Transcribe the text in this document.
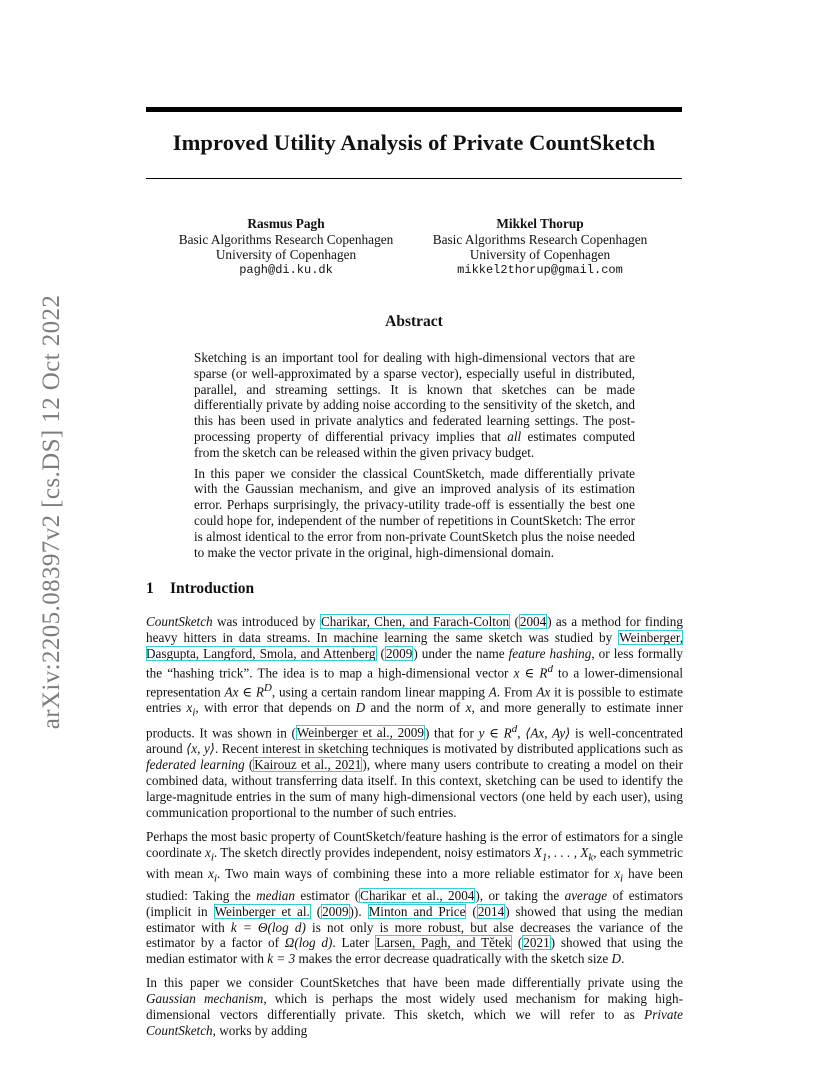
Improved Utility Analysis of Private CountSketch
Rasmus Pagh
Basic Algorithms Research Copenhagen
University of Copenhagen
pagh@di.ku.dk
Mikkel Thorup
Basic Algorithms Research Copenhagen
University of Copenhagen
mikkel2thorup@gmail.com
arXiv:2205.08397v2 [cs.DS] 12 Oct 2022	Abstract

Sketching is an important tool for dealing with high-dimensional vectors that are sparse (or well-approximated by a sparse vector), especially useful in distributed, parallel, and streaming settings. It is known that sketches can be made differentially private by adding noise according to the sensitivity of the sketch, and this has been used in private analytics and federated learning settings. The post-processing property of differential privacy implies that all estimates computed from the sketch can be released within the given privacy budget.

In this paper we consider the classical CountSketch, made differentially private with the Gaussian mechanism, and give an improved analysis of its estimation error. Perhaps surprisingly, the privacy-utility trade-off is essentially the best one could hope for, independent of the number of repetitions in CountSketch: The error is almost identical to the error from non-private CountSketch plus the noise needed to make the vector private in the original, high-dimensional domain.

1 Introduction

CountSketch was introduced by Charikar, Chen, and Farach-Colton (2004) as a method for finding heavy hitters in data streams. In machine learning the same sketch was studied by Weinberger, Dasgupta, Langford, Smola, and Attenberg (2009) under the name feature hashing, or less formally the “hashing trick”. The idea is to map a high-dimensional vector x ∈ $R^d$ to a lower-dimensional representation Ax ∈ $R^D$, using a certain random linear mapping A. From Ax it is possible to estimate entries $x_i$, with error that depends on D and the norm of x, and more generally to estimate inner products. It was shown in (Weinberger et al., 2009) that for y ∈ $R^d$, ⟨Ax, Ay⟩ is well-concentrated around ⟨x, y⟩. Recent interest in sketching techniques is motivated by distributed applications such as federated learning (Kairouz et al., 2021), where many users contribute to creating a model on their combined data, without transferring data itself. In this context, sketching can be used to identify the large-magnitude entries in the sum of many high-dimensional vectors (one held by each user), using communication proportional to the number of such entries.

Perhaps the most basic property of CountSketch/feature hashing is the error of estimators for a single coordinate $x_i$. The sketch directly provides independent, noisy estimators $X_1$, . . . , $X_k$, each symmetric with mean $x_i$. Two main ways of combining these into a more reliable estimator for $x_i$ have been studied: Taking the median estimator (Charikar et al., 2004), or taking the average of estimators (implicit in Weinberger et al. (2009)). Minton and Price (2014) showed that using the median estimator with k = Θ(log d) is not only is more robust, but alse decreases the variance of the estimator by a factor of Ω(log d). Later Larsen, Pagh, and Tětek (2021) showed that using the median estimator with k = 3 makes the error decrease quadratically with the sketch size D.

In this paper we consider CountSketches that have been made differentially private using the Gaussian mechanism, which is perhaps the most widely used mechanism for making high-dimensional vectors differentially private. This sketch, which we will refer to as Private CountSketch, works by adding
